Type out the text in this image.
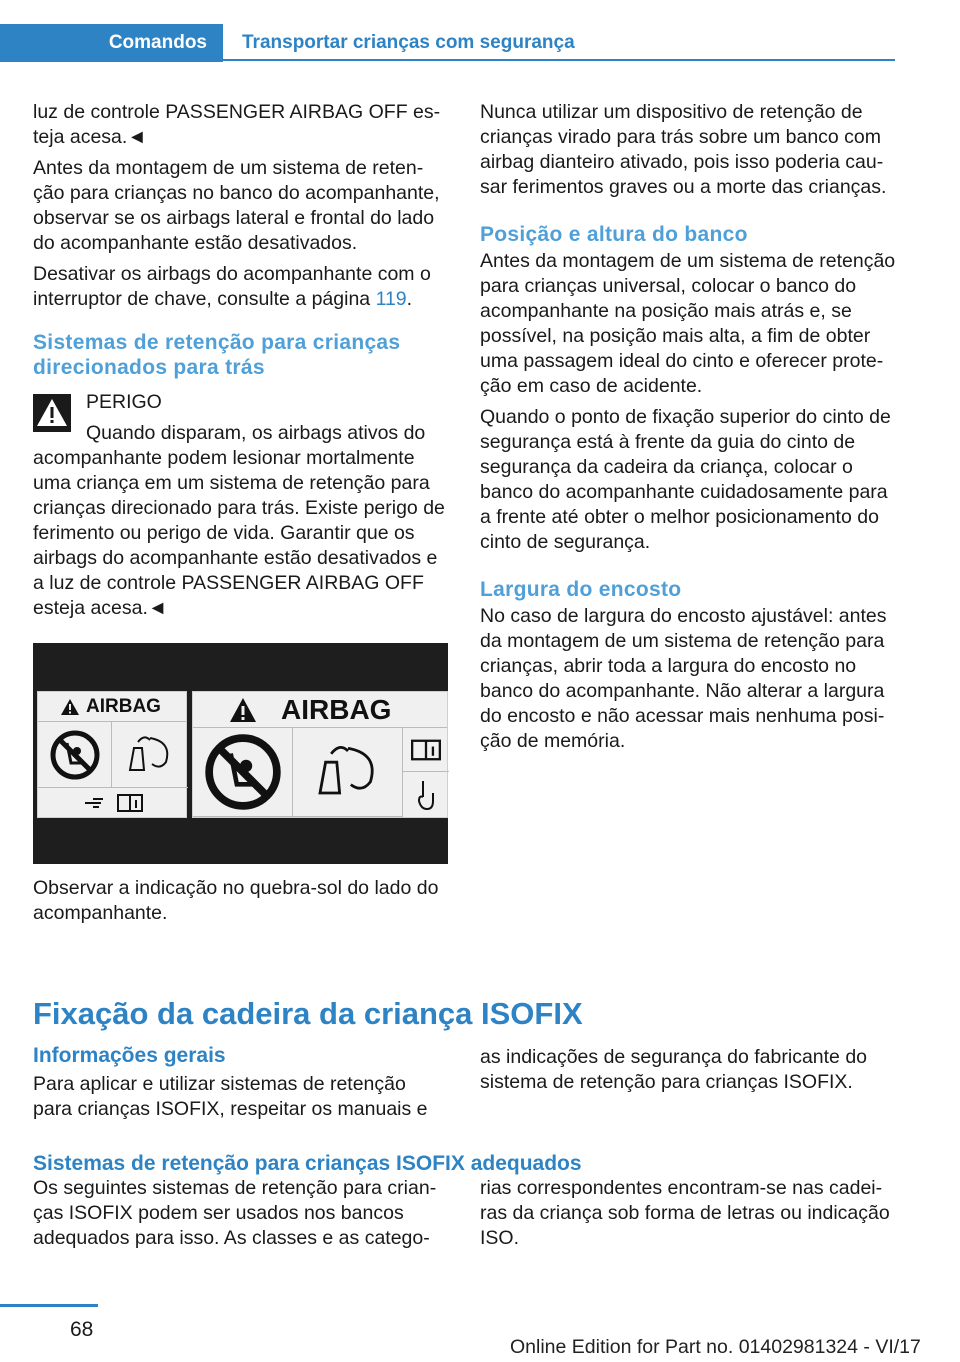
Comandos	Transportar crianças com segurança

luz de controle PASSENGER AIRBAG OFF esteja acesa.◄

Antes da montagem de um sistema de retenção para crianças no banco do acompanhante, observar se os airbags lateral e frontal do lado do acompanhante estão desativados.

Desativar os airbags do acompanhante com o interruptor de chave, consulte a página 119.

Sistemas de retenção para crianças direcionados para trás

PERIGO

Quando disparam, os airbags ativos do acompanhante podem lesionar mortalmente uma criança em um sistema de retenção para crianças direcionado para trás. Existe perigo de ferimento ou perigo de vida. Garantir que os airbags do acompanhante estão desativados e a luz de controle PASSENGER AIRBAG OFF esteja acesa.◄

AIRBAG	AIRBAG

Observar a indicação no quebra-sol do lado do acompanhante.

Nunca utilizar um dispositivo de retenção de crianças virado para trás sobre um banco com airbag dianteiro ativado, pois isso poderia causar ferimentos graves ou a morte das crianças.

Posição e altura do banco

Antes da montagem de um sistema de retenção para crianças universal, colocar o banco do acompanhante na posição mais atrás e, se possível, na posição mais alta, a fim de obter uma passagem ideal do cinto e oferecer proteção em caso de acidente.

Quando o ponto de fixação superior do cinto de segurança está à frente da guia do cinto de segurança da cadeira da criança, colocar o banco do acompanhante cuidadosamente para a frente até obter o melhor posicionamento do cinto de segurança.

Largura do encosto

No caso de largura do encosto ajustável: antes da montagem de um sistema de retenção para crianças, abrir toda a largura do encosto no banco do acompanhante. Não alterar a largura do encosto e não acessar mais nenhuma posição de memória.

Fixação da cadeira da criança ISOFIX
Informações gerais

Para aplicar e utilizar sistemas de retenção para crianças ISOFIX, respeitar os manuais e

as indicações de segurança do fabricante do sistema de retenção para crianças ISOFIX.

Sistemas de retenção para crianças ISOFIX adequados

Os seguintes sistemas de retenção para crianças ISOFIX podem ser usados nos bancos adequados para isso. As classes e as catego-

rias correspondentes encontram-se nas cadeiras da criança sob forma de letras ou indicação ISO.

68
Online Edition for Part no. 01402981324 - VI/17
